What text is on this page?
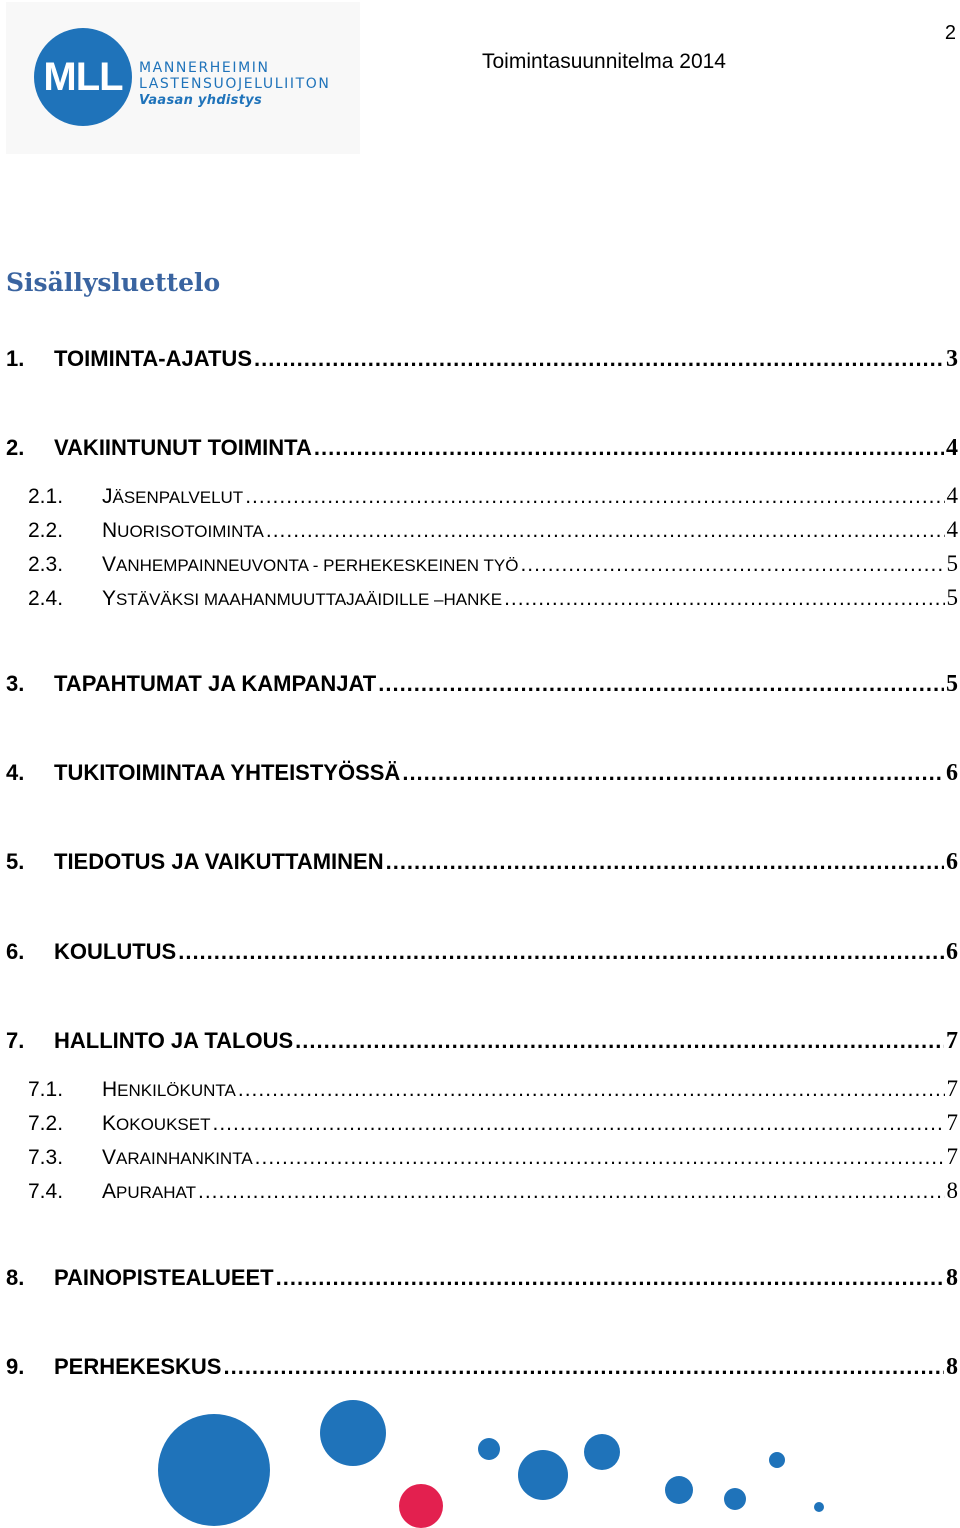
MLL	MANNERHEIMIN
LASTENSUOJELULIITON
Vaasan yhdistys
2
Toimintasuunnitelma 2014
Sisällysluettelo
1.	TOIMINTA-AJATUS .....	3
2.	VAKIINTUNUT TOIMINTA .....	4
2.1.	JÄSENPALVELUT .....	4
2.2.	NUORISOTOIMINTA .....	4
2.3.	VANHEMPAINNEUVONTA - PERHEKESKEINEN TYÖ .....	5
2.4.	YSTÄVÄKSI MAAHANMUUTTAJAÄIDILLE –HANKE .....	5
3.	TAPAHTUMAT JA KAMPANJAT .....	5
4.	TUKITOIMINTAA YHTEISTYÖSSÄ .....	6
5.	TIEDOTUS JA VAIKUTTAMINEN .....	6
6.	KOULUTUS .....	6
7.	HALLINTO JA TALOUS .....	7
7.1.	HENKILÖKUNTA .....	7
7.2.	KOKOUKSET .....	7
7.3.	VARAINHANKINTA .....	7
7.4.	APURAHAT .....	8
8.	PAINOPISTEALUEET .....	8
9.	PERHEKESKUS .....	8
